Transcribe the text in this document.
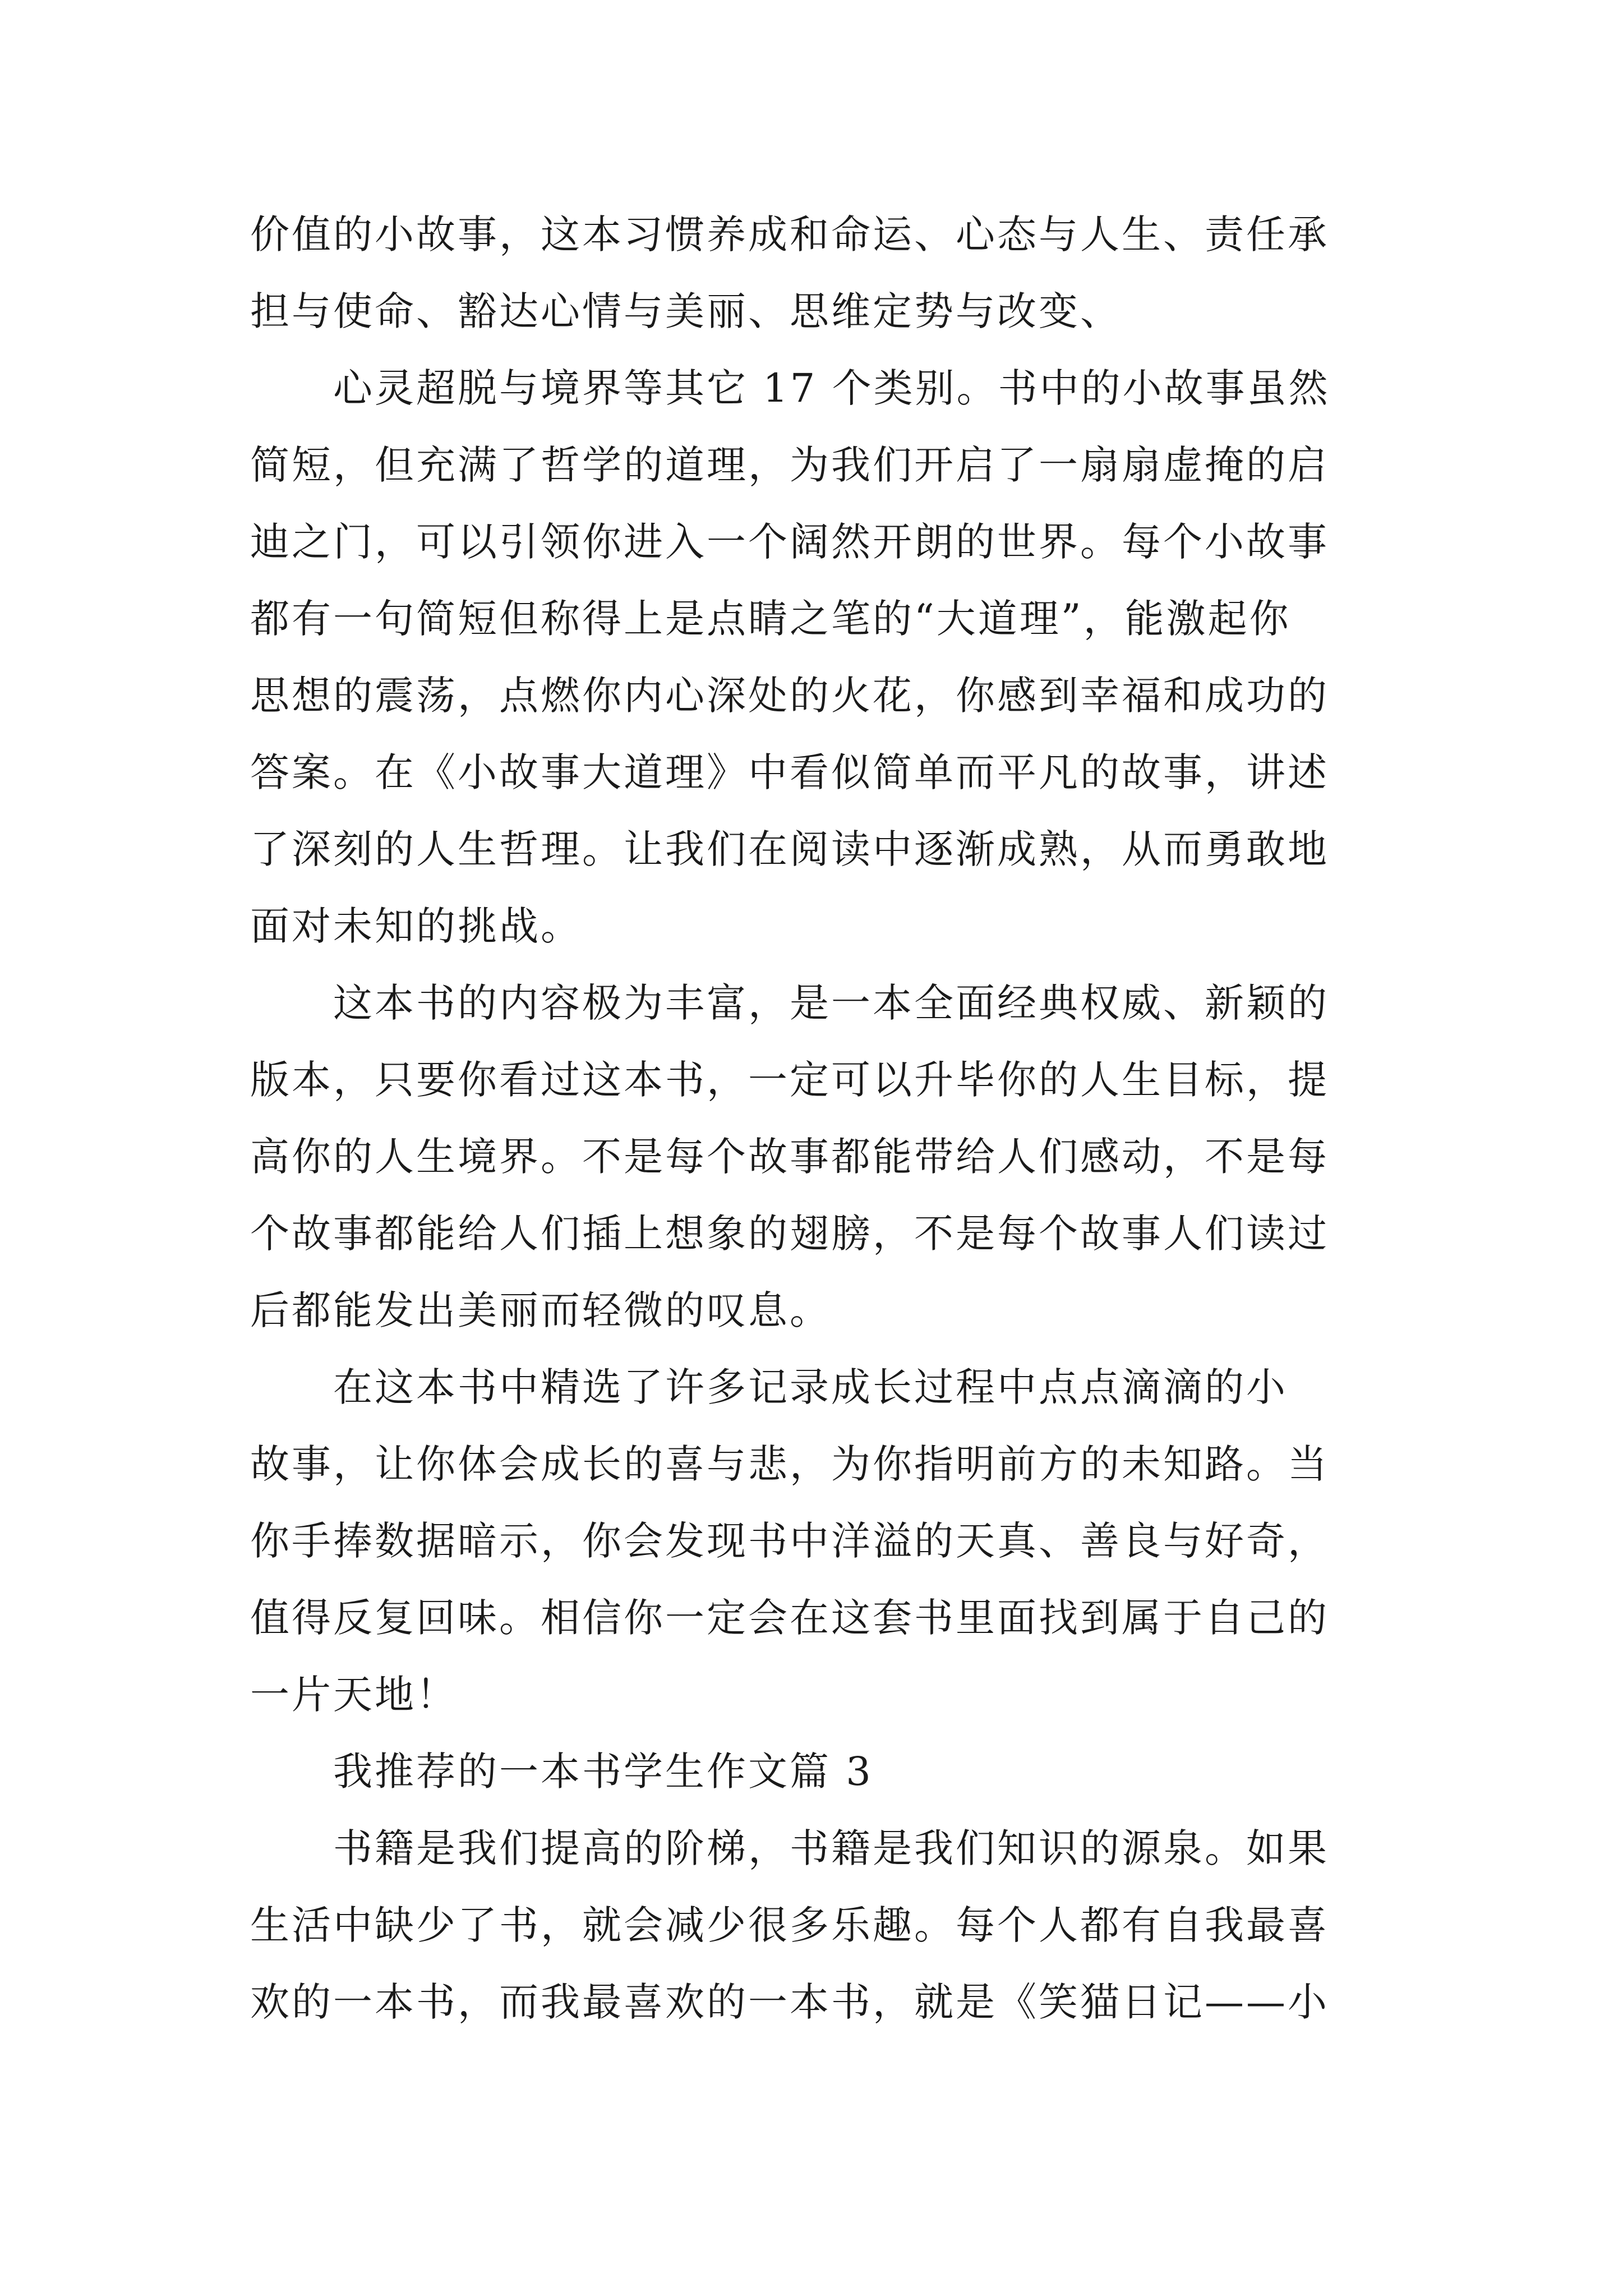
价值的小故事，这本习惯养成和命运、心态与人生、责任承
担与使命、豁达心情与美丽、思维定势与改变、
心灵超脱与境界等其它 17 个类别。书中的小故事虽然
简短，但充满了哲学的道理，为我们开启了一扇扇虚掩的启
迪之门，可以引领你进入一个阔然开朗的世界。每个小故事
都有一句简短但称得上是点睛之笔的“大道理”，能激起你
思想的震荡，点燃你内心深处的火花，你感到幸福和成功的
答案。在《小故事大道理》中看似简单而平凡的故事，讲述
了深刻的人生哲理。让我们在阅读中逐渐成熟，从而勇敢地
面对未知的挑战。
这本书的内容极为丰富，是一本全面经典权威、新颖的
版本，只要你看过这本书，一定可以升毕你的人生目标，提
高你的人生境界。不是每个故事都能带给人们感动，不是每
个故事都能给人们插上想象的翅膀，不是每个故事人们读过
后都能发出美丽而轻微的叹息。
在这本书中精选了许多记录成长过程中点点滴滴的小
故事，让你体会成长的喜与悲，为你指明前方的未知路。当
你手捧数据暗示，你会发现书中洋溢的天真、善良与好奇，
值得反复回味。相信你一定会在这套书里面找到属于自己的
一片天地！
我推荐的一本书学生作文篇 3
书籍是我们提高的阶梯，书籍是我们知识的源泉。如果
生活中缺少了书，就会减少很多乐趣。每个人都有自我最喜
欢的一本书，而我最喜欢的一本书，就是《笑猫日记——小
